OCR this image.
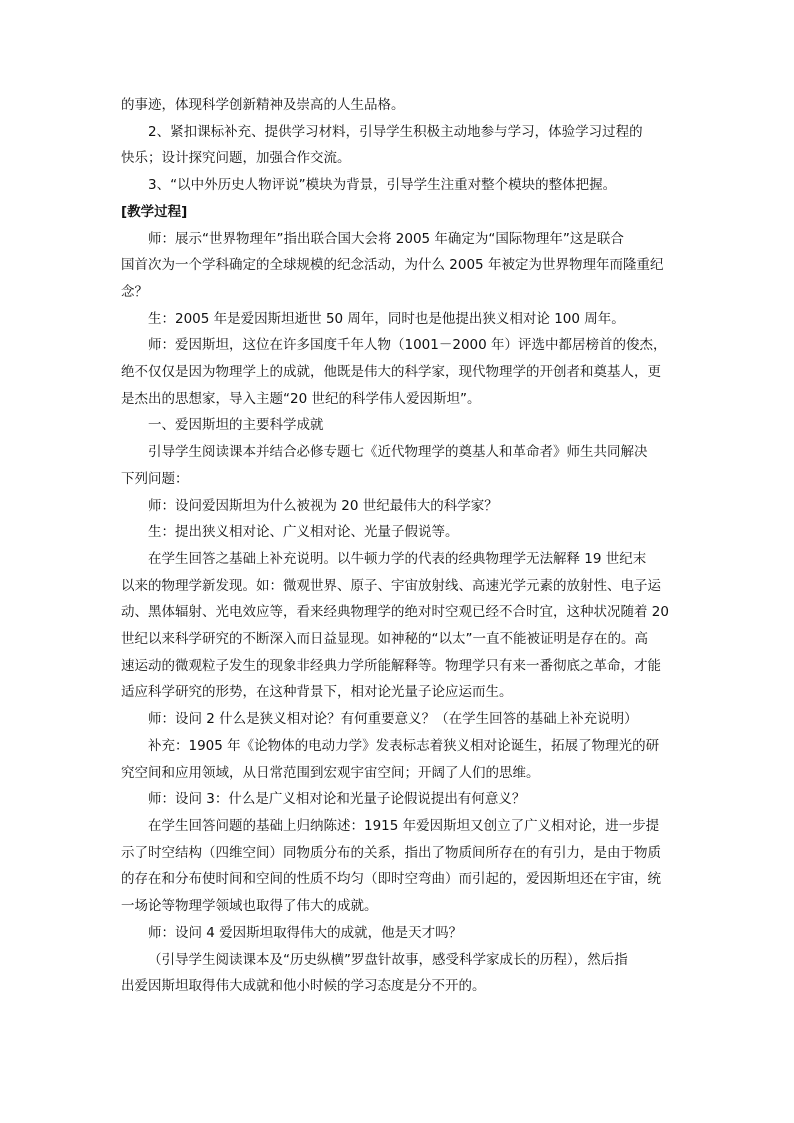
的事迹，体现科学创新精神及崇高的人生品格。

2、紧扣课标补充、提供学习材料，引导学生积极主动地参与学习，体验学习过程的

快乐；设计探究问题，加强合作交流。

3、“以中外历史人物评说”模块为背景，引导学生注重对整个模块的整体把握。

[教学过程]

师：展示“世界物理年”指出联合国大会将 2005 年确定为“国际物理年”这是联合

国首次为一个学科确定的全球规模的纪念活动，为什么 2005 年被定为世界物理年而隆重纪

念？

生：2005 年是爱因斯坦逝世 50 周年，同时也是他提出狭义相对论 100 周年。

师：爱因斯坦，这位在许多国度千年人物（1001－2000 年）评选中都居榜首的俊杰，

绝不仅仅是因为物理学上的成就，他既是伟大的科学家，现代物理学的开创者和奠基人，更

是杰出的思想家，导入主题“20 世纪的科学伟人爱因斯坦”。

一、爱因斯坦的主要科学成就

引导学生阅读课本并结合必修专题七《近代物理学的奠基人和革命者》师生共同解决

下列问题：

师：设问爱因斯坦为什么被视为 20 世纪最伟大的科学家？

生：提出狭义相对论、广义相对论、光量子假说等。

在学生回答之基础上补充说明。以牛顿力学的代表的经典物理学无法解释 19 世纪末

以来的物理学新发现。如：微观世界、原子、宇宙放射线、高速光学元素的放射性、电子运

动、黑体辐射、光电效应等，看来经典物理学的绝对时空观已经不合时宜，这种状况随着 20

世纪以来科学研究的不断深入而日益显现。如神秘的“以太”一直不能被证明是存在的。高

速运动的微观粒子发生的现象非经典力学所能解释等。物理学只有来一番彻底之革命，才能

适应科学研究的形势，在这种背景下，相对论光量子论应运而生。

师：设问 2 什么是狭义相对论？有何重要意义？（在学生回答的基础上补充说明）

补充：1905 年《论物体的电动力学》发表标志着狭义相对论诞生，拓展了物理光的研

究空间和应用领域，从日常范围到宏观宇宙空间；开阔了人们的思维。

师：设问 3：什么是广义相对论和光量子论假说提出有何意义？

在学生回答问题的基础上归纳陈述：1915 年爱因斯坦又创立了广义相对论，进一步提

示了时空结构（四维空间）同物质分布的关系，指出了物质间所存在的有引力，是由于物质

的存在和分布使时间和空间的性质不均匀（即时空弯曲）而引起的，爱因斯坦还在宇宙，统

一场论等物理学领域也取得了伟大的成就。

师：设问 4 爱因斯坦取得伟大的成就，他是天才吗？

（引导学生阅读课本及“历史纵横”罗盘针故事，感受科学家成长的历程），然后指

出爱因斯坦取得伟大成就和他小时候的学习态度是分不开的。
